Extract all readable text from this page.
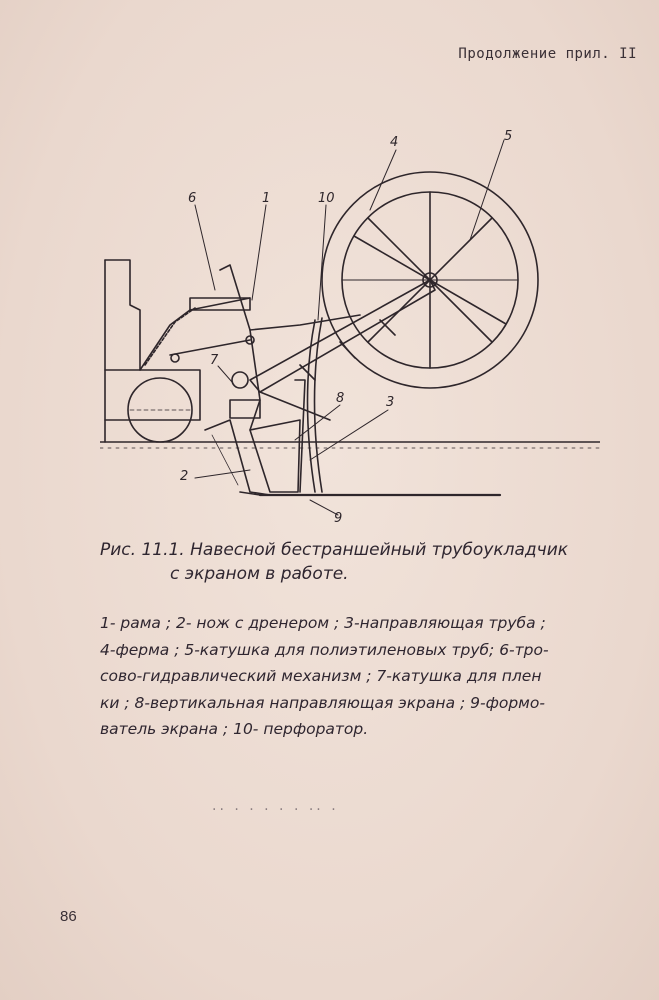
Продолжение прил. II
6	1	10
4	5
7
8	3
2
9
Рис. 11.1. Навесной бестраншейный трубоукладчик
с экраном в работе.
1- рама ; 2- нож с дренером ; 3-направляющая труба ;
4-ферма ; 5-катушка для полиэтиленовых труб; 6-тро-
сово-гидравлический механизм ; 7-катушка для плен
ки ; 8-вертикальная направляющая экрана ; 9-формо-
ватель экрана ; 10- перфоратор.
·· · · · · · ·· ·
86
